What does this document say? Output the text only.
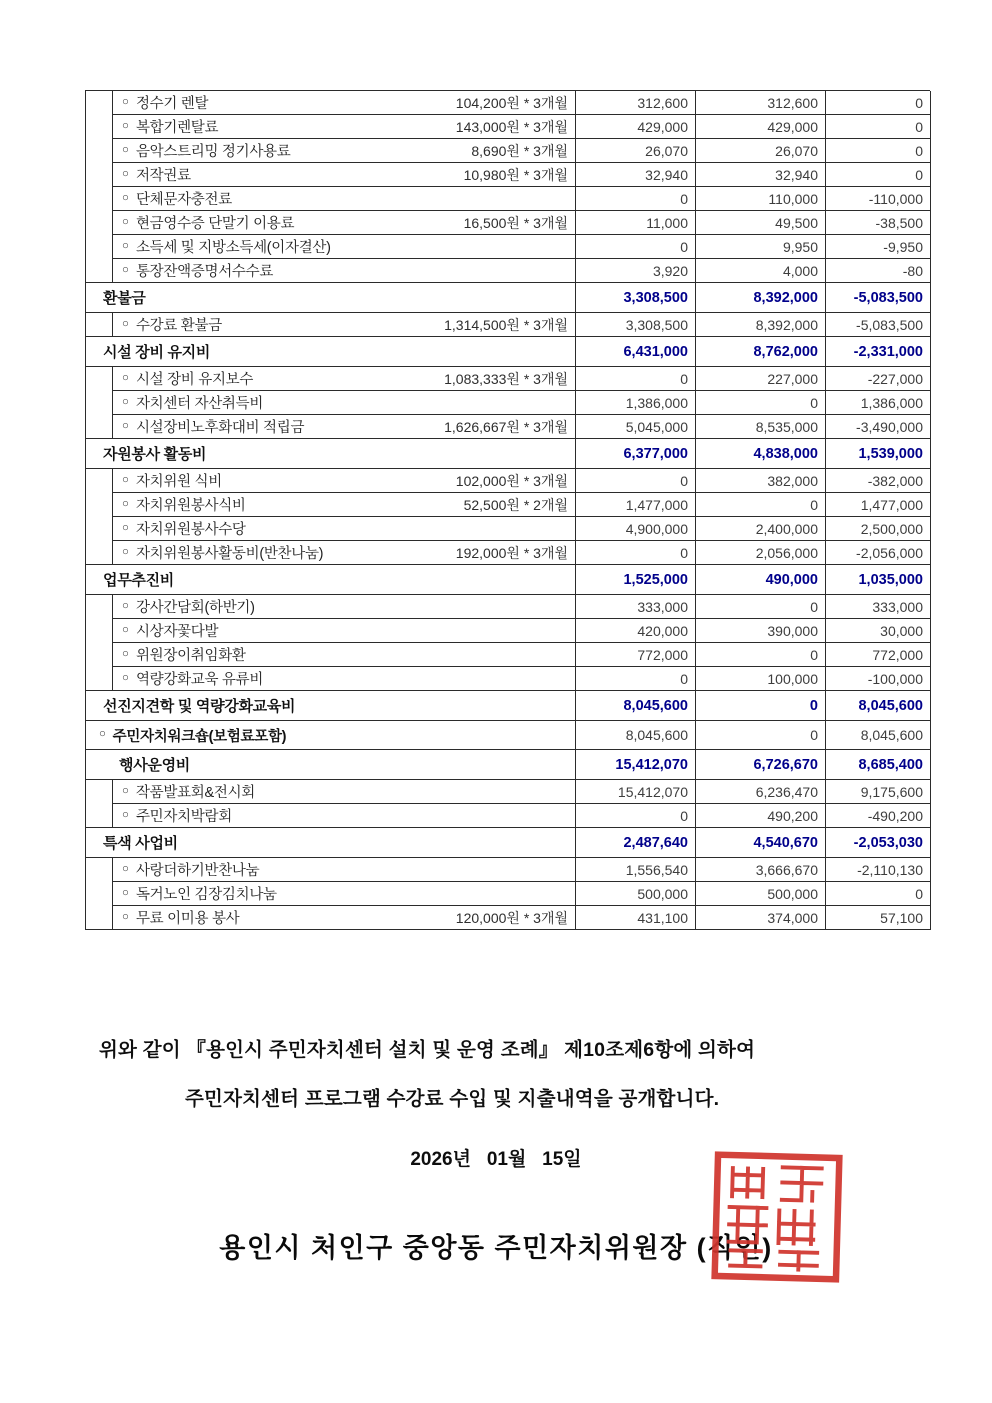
	○ 정수기 렌탈 104,200원 * 3개월	312,600	312,600	0

	○ 복합기렌탈료 143,000원 * 3개월	429,000	429,000	0

	○ 음악스트리밍 정기사용료 8,690원 * 3개월	26,070	26,070	0

	○ 저작권료 10,980원 * 3개월	32,940	32,940	0

	○ 단체문자충전료	0	110,000	-110,000

	○ 현금영수증 단말기 이용료 16,500원 * 3개월	11,000	49,500	-38,500

	○ 소득세 및 지방소득세(이자결산)	0	9,950	-9,950

	○ 통장잔액증명서수수료	3,920	4,000	-80
환불금		3,308,500	8,392,000	-5,083,500

	○ 수강료 환불금 1,314,500원 * 3개월	3,308,500	8,392,000	-5,083,500
시설 장비 유지비		6,431,000	8,762,000	-2,331,000

	○ 시설 장비 유지보수 1,083,333원 * 3개월	0	227,000	-227,000

	○ 자치센터 자산취득비	1,386,000	0	1,386,000

	○ 시설장비노후화대비 적립금 1,626,667원 * 3개월	5,045,000	8,535,000	-3,490,000
자원봉사 활동비		6,377,000	4,838,000	1,539,000

	○ 자치위원 식비 102,000원 * 3개월	0	382,000	-382,000

	○ 자치위원봉사식비 52,500원 * 2개월	1,477,000	0	1,477,000

	○ 자치위원봉사수당	4,900,000	2,400,000	2,500,000

	○ 자치위원봉사활동비(반찬나눔) 192,000원 * 3개월	0	2,056,000	-2,056,000
업무추진비		1,525,000	490,000	1,035,000

	○ 강사간담회(하반기)	333,000	0	333,000

	○ 시상자꽃다발	420,000	390,000	30,000

	○ 위원장이취임화환	772,000	0	772,000

	○ 역량강화교욱 유류비	0	100,000	-100,000
선진지견학 및 역량강화교육비		8,045,600	0	8,045,600

○ 주민자치워크숍(보험료포함)		8,045,600	0	8,045,600
행사운영비		15,412,070	6,726,670	8,685,400

	○ 작품발표회&전시회	15,412,070	6,236,470	9,175,600

	○ 주민자치박람회	0	490,200	-490,200
특색 사업비		2,487,640	4,540,670	-2,053,030

	○ 사랑더하기반찬나눔	1,556,540	3,666,670	-2,110,130

	○ 독거노인 김장김치나눔	500,000	500,000	0

	○ 무료 이미용 봉사 120,000원 * 3개월	431,100	374,000	57,100

위와 같이 『용인시 주민자치센터 설치 및 운영 조례』 제10조제6항에 의하여

주민자치센터 프로그램 수강료 수입 및 지출내역을 공개합니다.

2026년   01월   15일
용인시 처인구 중앙동 주민자치위원장 (직인)
